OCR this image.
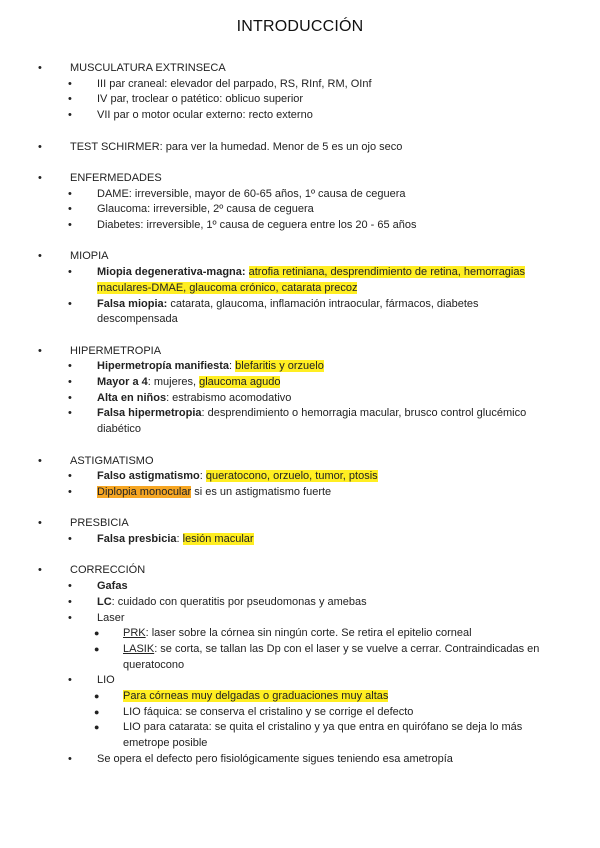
INTRODUCCIÓN
•	MUSCULATURA EXTRINSECA
• III par craneal: elevador del parpado, RS, RInf, RM, OInf
• IV par, troclear o patético: oblicuo superior
• VII par o motor ocular externo: recto externo
•	TEST SCHIRMER: para ver la humedad. Menor de 5 es un ojo seco
•	ENFERMEDADES
• DAME: irreversible, mayor de 60-65 años, 1º causa de ceguera
• Glaucoma: irreversible, 2º causa de ceguera
• Diabetes: irreversible, 1º causa de ceguera entre los 20 - 65 años
•	MIOPIA
• Miopia degenerativa-magna: atrofia retiniana, desprendimiento de retina, hemorragias
maculares-DMAE, glaucoma crónico, catarata precoz
• Falsa miopia: catarata, glaucoma, inflamación intraocular, fármacos, diabetes
descompensada
•	HIPERMETROPIA
• Hipermetropía manifiesta: blefaritis y orzuelo
• Mayor a 4: mujeres, glaucoma agudo
• Alta en niños: estrabismo acomodativo
• Falsa hipermetropia: desprendimiento o hemorragia macular, brusco control glucémico
diabético
•	ASTIGMATISMO
• Falso astigmatismo: queratocono, orzuelo, tumor, ptosis
• Diplopia monocular si es un astigmatismo fuerte
•	PRESBICIA
• Falsa presbicia: lesión macular
•	CORRECCIÓN
• Gafas
• LC: cuidado con queratitis por pseudomonas y amebas
• Laser
● PRK: laser sobre la córnea sin ningún corte. Se retira el epitelio corneal
● LASIK: se corta, se tallan las Dp con el laser y se vuelve a cerrar. Contraindicadas en
queratocono
• LIO
● Para córneas muy delgadas o graduaciones muy altas
● LIO fáquica: se conserva el cristalino y se corrige el defecto
● LIO para catarata: se quita el cristalino y ya que entra en quirófano se deja lo más
emetrope posible
• Se opera el defecto pero fisiológicamente sigues teniendo esa ametropía
